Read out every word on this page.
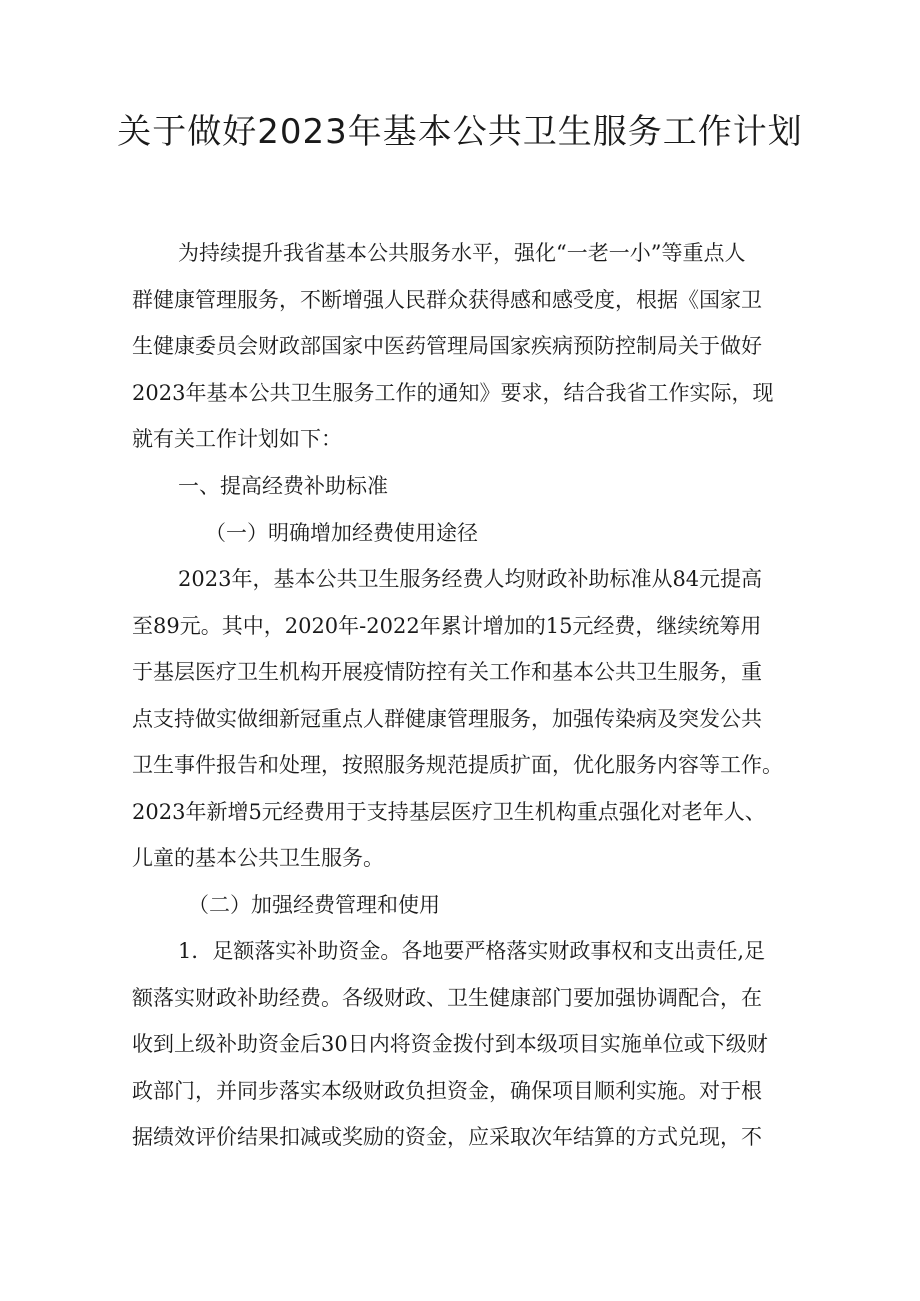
关于做好2023年基本公共卫生服务工作计划

为持续提升我省基本公共服务水平，强化“一老一小”等重点人

群健康管理服务，不断增强人民群众获得感和感受度，根据《国家卫

生健康委员会财政部国家中医药管理局国家疾病预防控制局关于做好

2023年基本公共卫生服务工作的通知》要求，结合我省工作实际，现

就有关工作计划如下：

一、提高经费补助标准

（一）明确增加经费使用途径

2023年，基本公共卫生服务经费人均财政补助标准从84元提高

至89元。其中，2020年-2022年累计增加的15元经费，继续统筹用

于基层医疗卫生机构开展疫情防控有关工作和基本公共卫生服务，重

点支持做实做细新冠重点人群健康管理服务，加强传染病及突发公共

卫生事件报告和处理，按照服务规范提质扩面，优化服务内容等工作。

2023年新增5元经费用于支持基层医疗卫生机构重点强化对老年人、

儿童的基本公共卫生服务。

（二）加强经费管理和使用

1．足额落实补助资金。各地要严格落实财政事权和支出责任,足

额落实财政补助经费。各级财政、卫生健康部门要加强协调配合，在

收到上级补助资金后30日内将资金拨付到本级项目实施单位或下级财

政部门，并同步落实本级财政负担资金，确保项目顺利实施。对于根

据绩效评价结果扣减或奖励的资金，应采取次年结算的方式兑现，不
